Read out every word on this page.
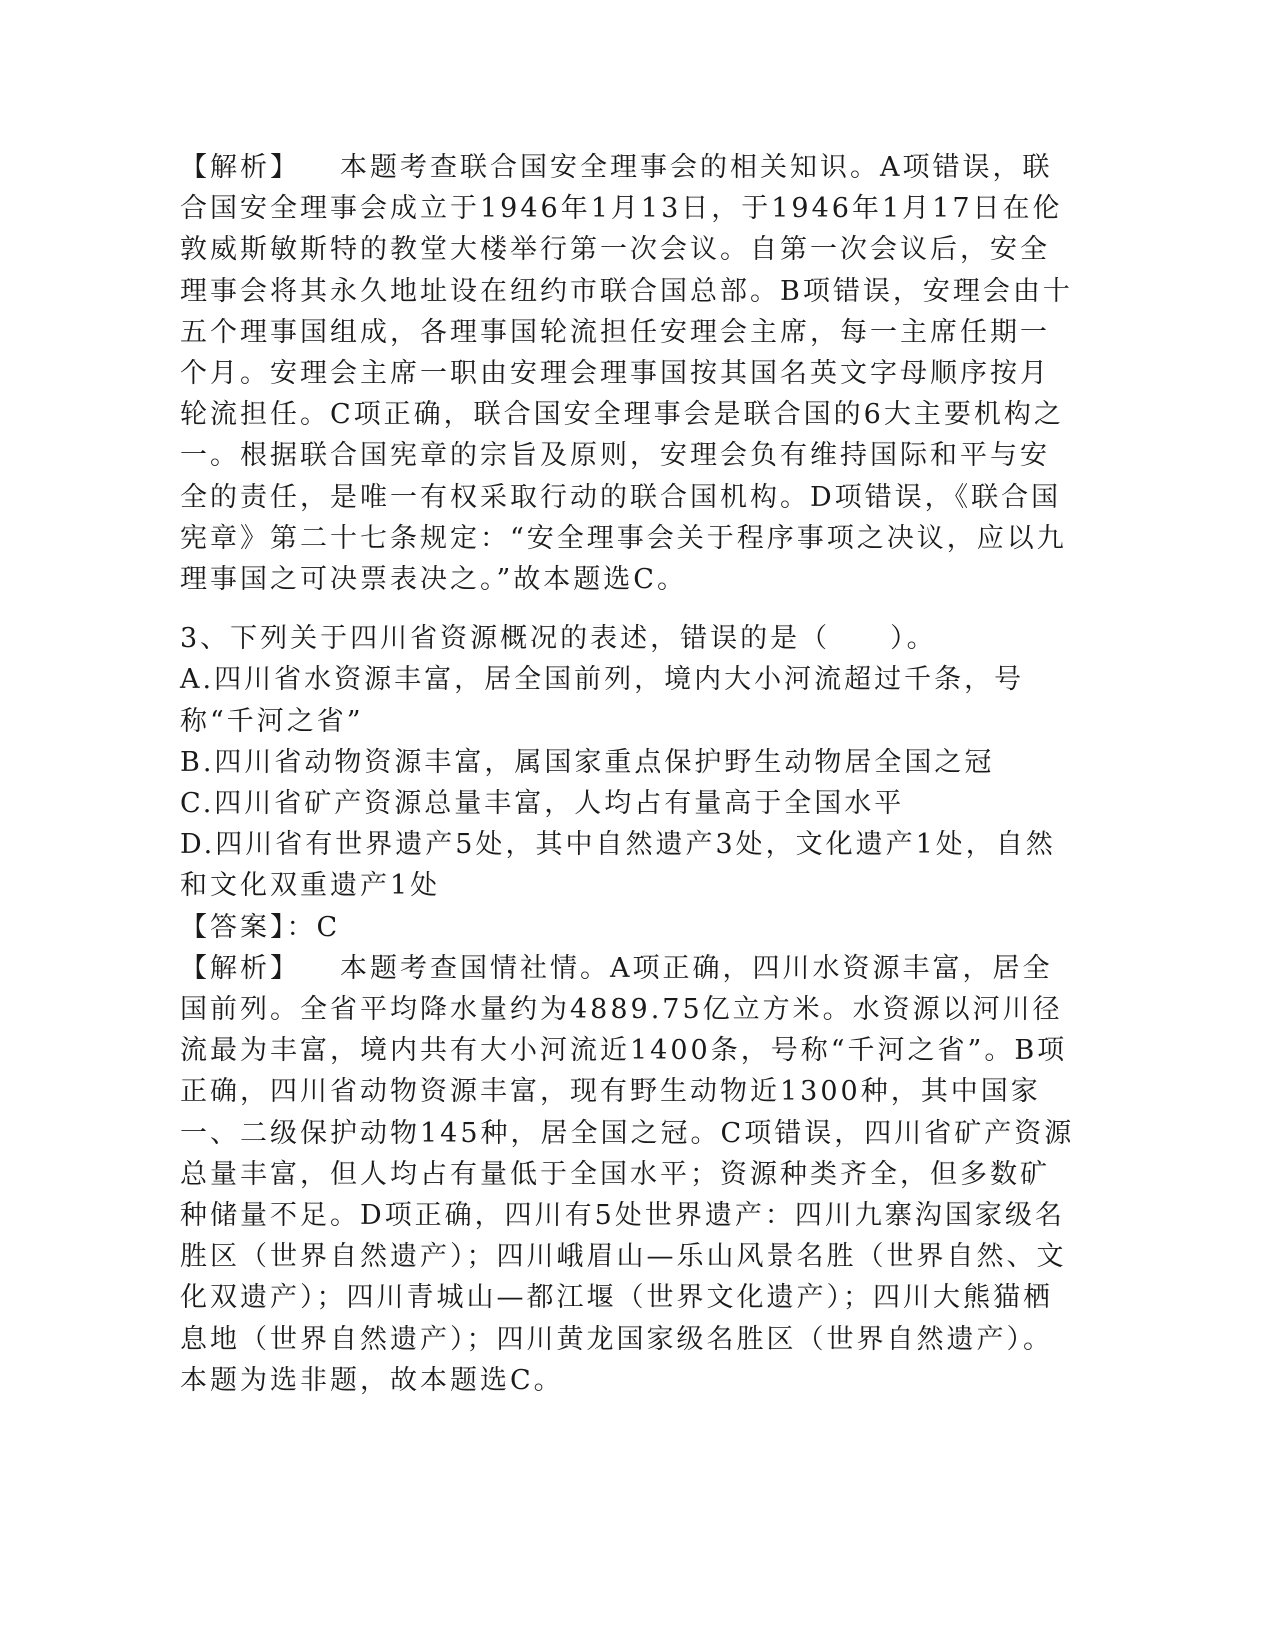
【解析】 本题考查联合国安全理事会的相关知识。A项错误，联合国安全理事会成立于1946年1月13日，于1946年1月17日在伦敦威斯敏斯特的教堂大楼举行第一次会议。自第一次会议后，安全理事会将其永久地址设在纽约市联合国总部。B项错误，安理会由十五个理事国组成，各理事国轮流担任安理会主席，每一主席任期一个月。安理会主席一职由安理会理事国按其国名英文字母顺序按月轮流担任。C项正确，联合国安全理事会是联合国的6大主要机构之一。根据联合国宪章的宗旨及原则，安理会负有维持国际和平与安全的责任，是唯一有权采取行动的联合国机构。D项错误，《联合国宪章》第二十七条规定：“安全理事会关于程序事项之决议，应以九理事国之可决票表决之。”故本题选C。

3、下列关于四川省资源概况的表述，错误的是（　　）。

A.四川省水资源丰富，居全国前列，境内大小河流超过千条，号称“千河之省”

B.四川省动物资源丰富，属国家重点保护野生动物居全国之冠

C.四川省矿产资源总量丰富，人均占有量高于全国水平

D.四川省有世界遗产5处，其中自然遗产3处，文化遗产1处，自然和文化双重遗产1处

【答案】：C

【解析】 本题考查国情社情。A项正确，四川水资源丰富，居全国前列。全省平均降水量约为4889.75亿立方米。水资源以河川径流最为丰富，境内共有大小河流近1400条，号称“千河之省”。B项正确，四川省动物资源丰富，现有野生动物近1300种，其中国家一、二级保护动物145种，居全国之冠。C项错误，四川省矿产资源总量丰富，但人均占有量低于全国水平；资源种类齐全，但多数矿种储量不足。D项正确，四川有5处世界遗产：四川九寨沟国家级名胜区（世界自然遗产）；四川峨眉山—乐山风景名胜（世界自然、文化双遗产）；四川青城山—都江堰（世界文化遗产）；四川大熊猫栖息地（世界自然遗产）；四川黄龙国家级名胜区（世界自然遗产）。本题为选非题，故本题选C。
